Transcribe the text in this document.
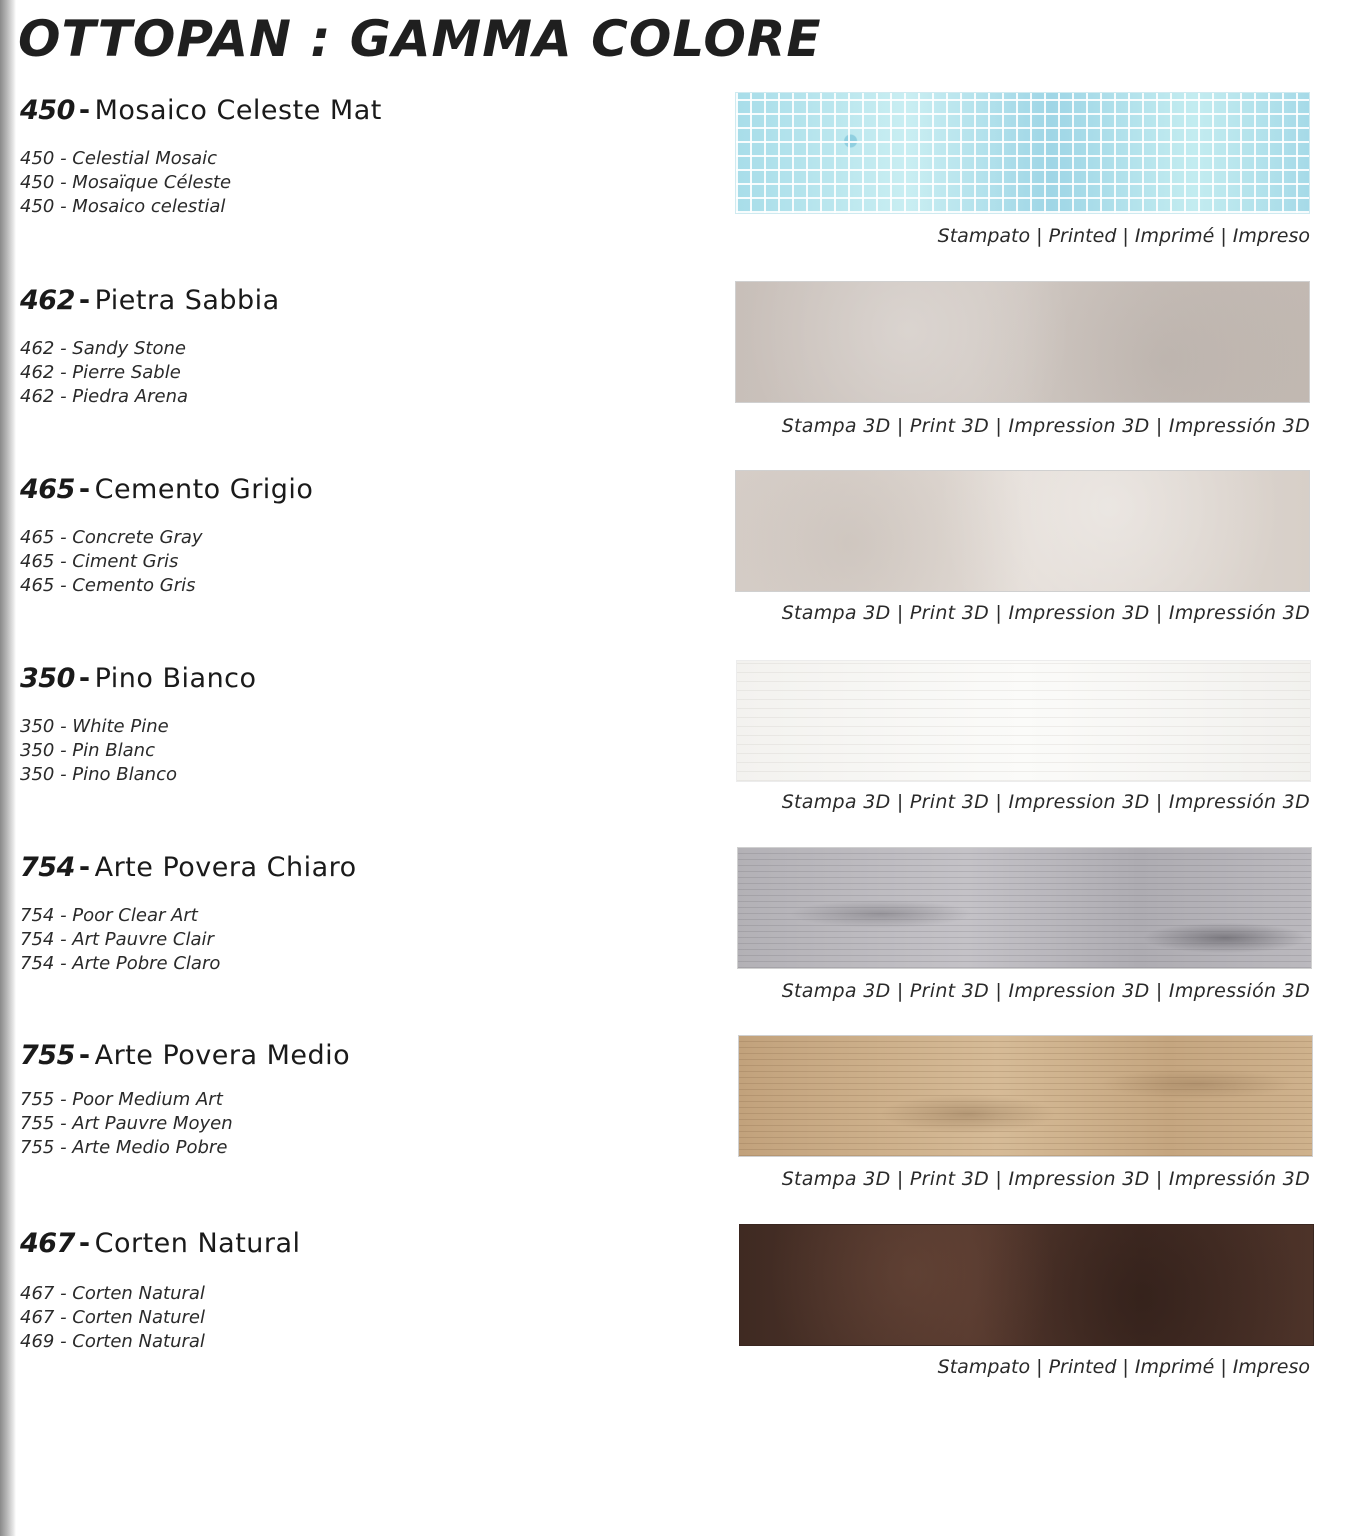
OTTOPAN : GAMMA COLORE
450 - Mosaico Celeste Mat
450 - Celestial Mosaic
450 - Mosaïque Céleste
450 - Mosaico celestial
Stampato | Printed | Imprimé | Impreso
462 - Pietra Sabbia
462 - Sandy Stone
462 - Pierre Sable
462 - Piedra Arena
Stampa 3D | Print 3D | Impression 3D | Impressión 3D
465 - Cemento Grigio
465 - Concrete Gray
465 - Ciment Gris
465 - Cemento Gris
Stampa 3D | Print 3D | Impression 3D | Impressión 3D
350 - Pino Bianco
350 - White Pine
350 - Pin Blanc
350 - Pino Blanco
Stampa 3D | Print 3D | Impression 3D | Impressión 3D
754 - Arte Povera Chiaro
754 - Poor Clear Art
754 - Art Pauvre Clair
754 - Arte Pobre Claro
Stampa 3D | Print 3D | Impression 3D | Impressión 3D
755 - Arte Povera Medio
755 - Poor Medium Art
755 - Art Pauvre Moyen
755 - Arte Medio Pobre
Stampa 3D | Print 3D | Impression 3D | Impressión 3D
467 - Corten Natural
467 - Corten Natural
467 - Corten Naturel
469 - Corten Natural
Stampato | Printed | Imprimé | Impreso
